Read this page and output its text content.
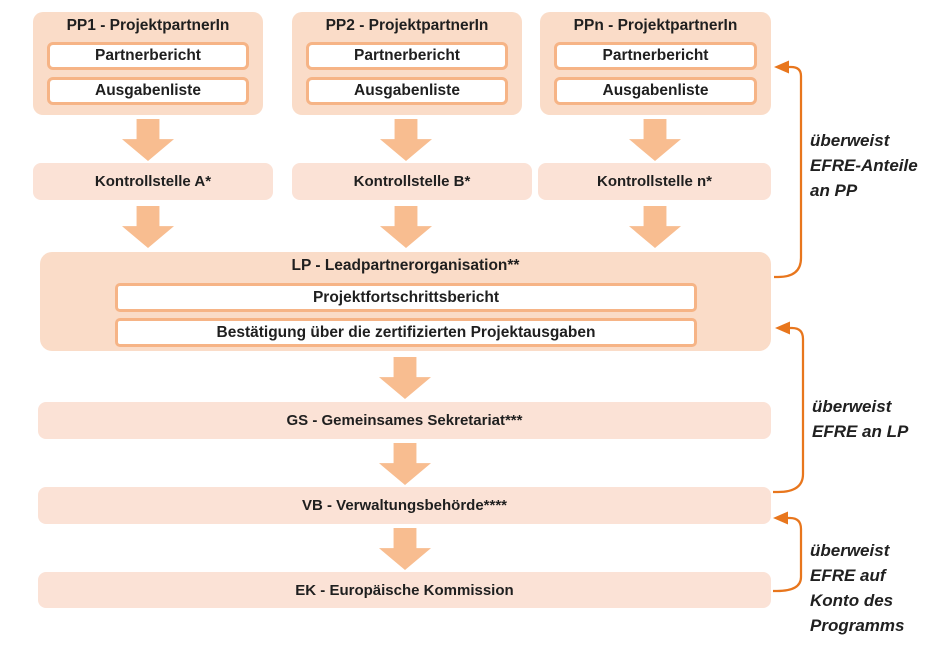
PP1 - ProjektpartnerIn
Partnerbericht
Ausgabenliste
PP2 - ProjektpartnerIn
Partnerbericht
Ausgabenliste
PPn - ProjektpartnerIn
Partnerbericht
Ausgabenliste
Kontrollstelle A*	Kontrollstelle B*	Kontrollstelle n*
LP - Leadpartnerorganisation**
Projektfortschrittsbericht
Bestätigung über die zertifizierten Projektausgaben
GS - Gemeinsames Sekretariat***
VB - Verwaltungsbehörde****
EK - Europäische Kommission
überweist
EFRE-Anteile
an PP
überweist
EFRE an LP
überweist
EFRE auf
Konto des
Programms
